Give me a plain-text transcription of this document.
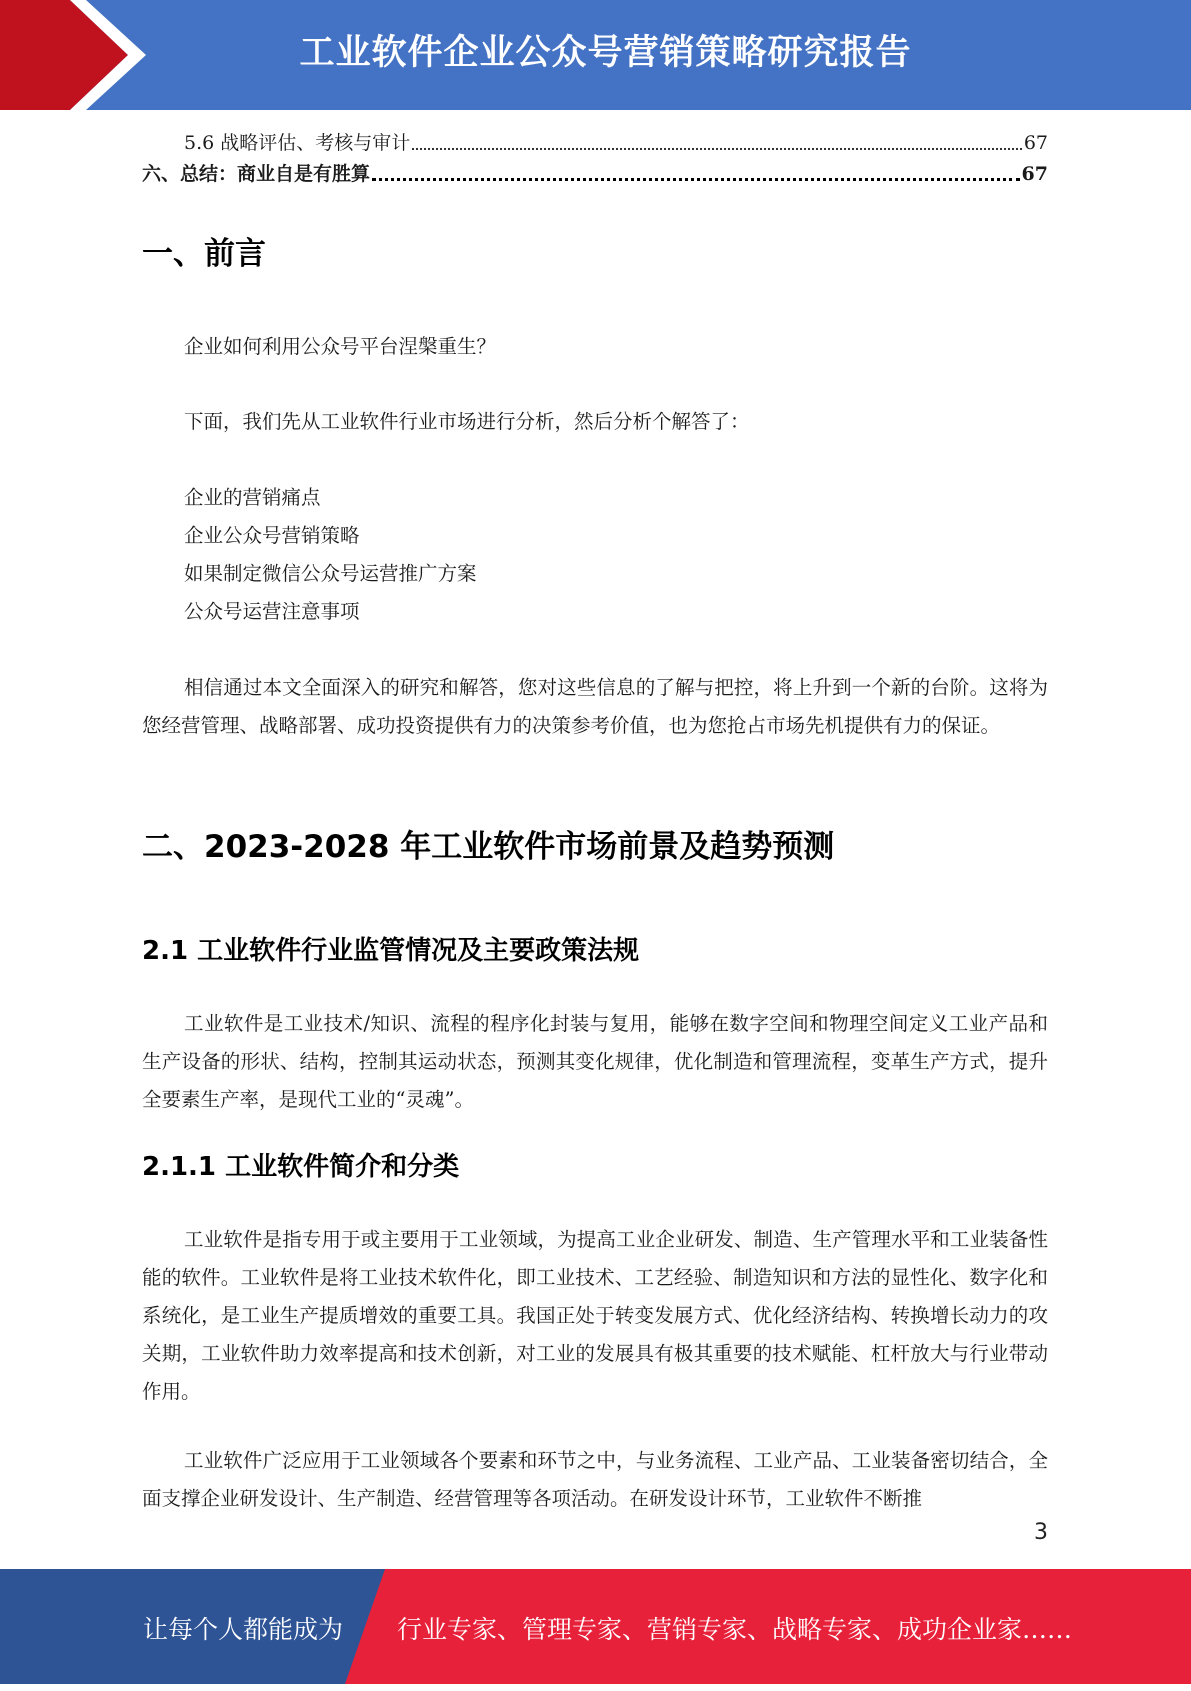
工业软件企业公众号营销策略研究报告
5.6 战略评估、考核与审计	67
六、总结：商业自是有胜算	67
一、前言
企业如何利用公众号平台涅槃重生？
下面，我们先从工业软件行业市场进行分析，然后分析个解答了：
企业的营销痛点
企业公众号营销策略
如果制定微信公众号运营推广方案
公众号运营注意事项
相信通过本文全面深入的研究和解答，您对这些信息的了解与把控，将上升到一个新的台阶。这将为您经营管理、战略部署、成功投资提供有力的决策参考价值，也为您抢占市场先机提供有力的保证。
二、2023-2028 年工业软件市场前景及趋势预测
2.1 工业软件行业监管情况及主要政策法规
工业软件是工业技术/知识、流程的程序化封装与复用，能够在数字空间和物理空间定义工业产品和生产设备的形状、结构，控制其运动状态，预测其变化规律，优化制造和管理流程，变革生产方式，提升全要素生产率，是现代工业的“灵魂”。
2.1.1 工业软件简介和分类
工业软件是指专用于或主要用于工业领域，为提高工业企业研发、制造、生产管理水平和工业装备性能的软件。工业软件是将工业技术软件化，即工业技术、工艺经验、制造知识和方法的显性化、数字化和系统化，是工业生产提质增效的重要工具。我国正处于转变发展方式、优化经济结构、转换增长动力的攻关期，工业软件助力效率提高和技术创新，对工业的发展具有极其重要的技术赋能、杠杆放大与行业带动作用。
工业软件广泛应用于工业领域各个要素和环节之中，与业务流程、工业产品、工业装备密切结合，全面支撑企业研发设计、生产制造、经营管理等各项活动。在研发设计环节，工业软件不断推
3
让每个人都能成为 行业专家、管理专家、营销专家、战略专家、成功企业家……
